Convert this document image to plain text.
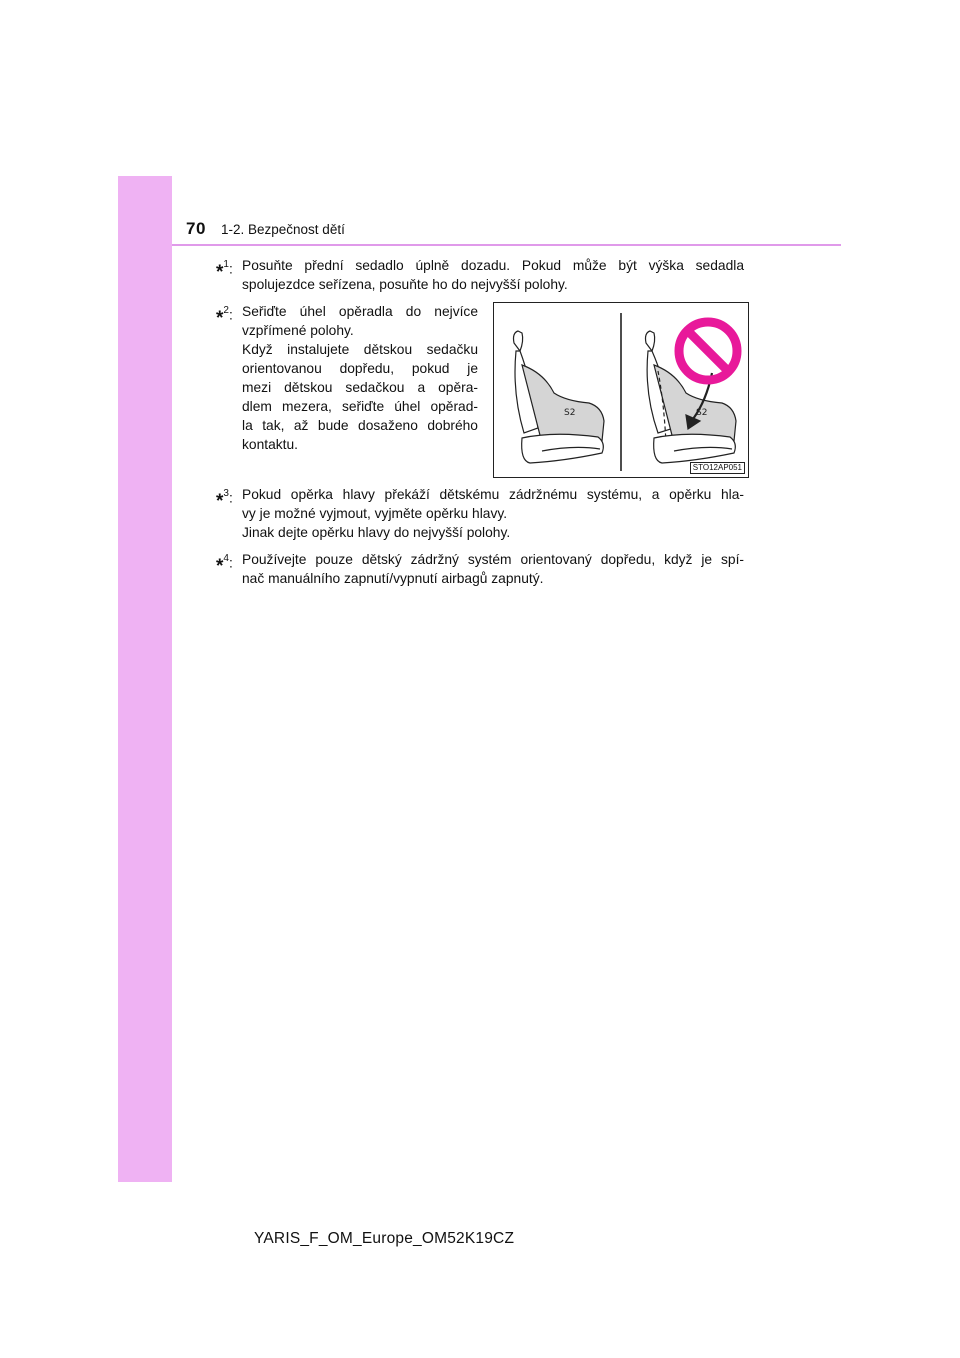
70 1-2. Bezpečnost dětí
*$^1$: Posuňte přední sedadlo úplně dozadu. Pokud může být výška sedadla
spolujezdce seřízena, posuňte ho do nejvyšší polohy.
*$^2$: Seřiďte úhel opěradla do nejvíce
vzpřímené polohy.
Když instalujete dětskou sedačku
orientovanou dopředu, pokud je
mezi dětskou sedačkou a opěra-
dlem mezera, seřiďte úhel opěrad-
la tak, až bude dosaženo dobrého
kontaktu.
S2	S2
STO12AP051
*$^3$: Pokud opěrka hlavy překáží dětskému zádržnému systému, a opěrku hla-
vy je možné vyjmout, vyjměte opěrku hlavy.
Jinak dejte opěrku hlavy do nejvyšší polohy.
*$^4$: Používejte pouze dětský zádržný systém orientovaný dopředu, když je spí-
nač manuálního zapnutí/vypnutí airbagů zapnutý.
YARIS_F_OM_Europe_OM52K19CZ
